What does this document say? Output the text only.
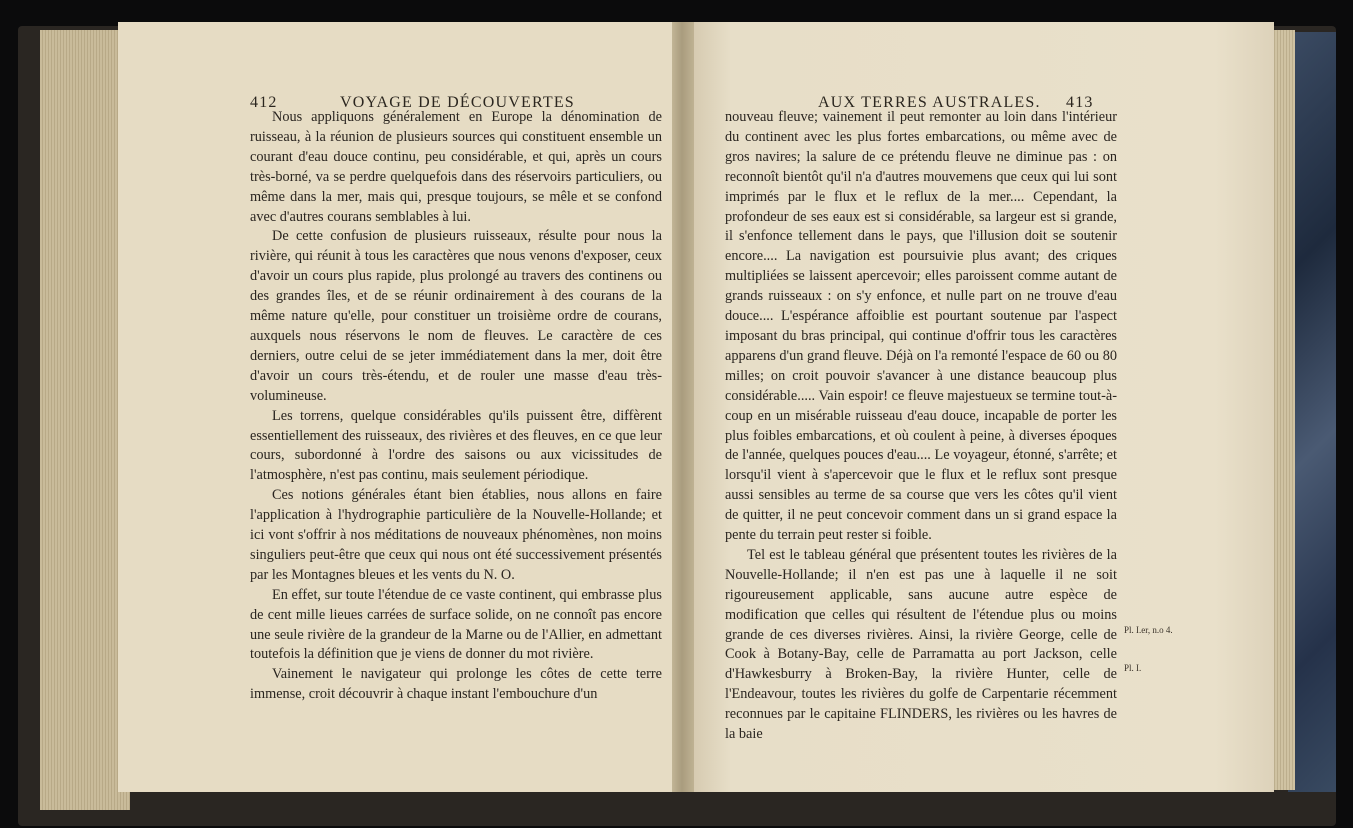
412	VOYAGE DE DÉCOUVERTES

Nous appliquons généralement en Europe la dénomination de ruisseau, à la réunion de plusieurs sources qui constituent ensemble un courant d'eau douce continu, peu considérable, et qui, après un cours très-borné, va se perdre quelquefois dans des réservoirs particuliers, ou même dans la mer, mais qui, presque toujours, se mêle et se confond avec d'autres courans semblables à lui.

De cette confusion de plusieurs ruisseaux, résulte pour nous la rivière, qui réunit à tous les caractères que nous venons d'exposer, ceux d'avoir un cours plus rapide, plus prolongé au travers des continens ou des grandes îles, et de se réunir ordinairement à des courans de la même nature qu'elle, pour constituer un troisième ordre de courans, auxquels nous réservons le nom de fleuves. Le caractère de ces derniers, outre celui de se jeter immédiatement dans la mer, doit être d'avoir un cours très-étendu, et de rouler une masse d'eau très-volumineuse.

Les torrens, quelque considérables qu'ils puissent être, diffèrent essentiellement des ruisseaux, des rivières et des fleuves, en ce que leur cours, subordonné à l'ordre des saisons ou aux vicissitudes de l'atmosphère, n'est pas continu, mais seulement périodique.

Ces notions générales étant bien établies, nous allons en faire l'application à l'hydrographie particulière de la Nouvelle-Hollande; et ici vont s'offrir à nos méditations de nouveaux phénomènes, non moins singuliers peut-être que ceux qui nous ont été successivement présentés par les Montagnes bleues et les vents du N. O.

En effet, sur toute l'étendue de ce vaste continent, qui embrasse plus de cent mille lieues carrées de surface solide, on ne connoît pas encore une seule rivière de la grandeur de la Marne ou de l'Allier, en admettant toutefois la définition que je viens de donner du mot rivière.

Vainement le navigateur qui prolonge les côtes de cette terre immense, croit découvrir à chaque instant l'embouchure d'un

AUX TERRES AUSTRALES. 413

nouveau fleuve; vainement il peut remonter au loin dans l'intérieur du continent avec les plus fortes embarcations, ou même avec de gros navires; la salure de ce prétendu fleuve ne diminue pas : on reconnoît bientôt qu'il n'a d'autres mouvemens que ceux qui lui sont imprimés par le flux et le reflux de la mer.... Cependant, la profondeur de ses eaux est si considérable, sa largeur est si grande, il s'enfonce tellement dans le pays, que l'illusion doit se soutenir encore.... La navigation est poursuivie plus avant; des criques multipliées se laissent apercevoir; elles paroissent comme autant de grands ruisseaux : on s'y enfonce, et nulle part on ne trouve d'eau douce.... L'espérance affoiblie est pourtant soutenue par l'aspect imposant du bras principal, qui continue d'offrir tous les caractères apparens d'un grand fleuve. Déjà on l'a remonté l'espace de 60 ou 80 milles; on croit pouvoir s'avancer à une distance beaucoup plus considérable..... Vain espoir! ce fleuve majestueux se termine tout-à-coup en un misérable ruisseau d'eau douce, incapable de porter les plus foibles embarcations, et où coulent à peine, à diverses époques de l'année, quelques pouces d'eau.... Le voyageur, étonné, s'arrête; et lorsqu'il vient à s'apercevoir que le flux et le reflux sont presque aussi sensibles au terme de sa course que vers les côtes qu'il vient de quitter, il ne peut concevoir comment dans un si grand espace la pente du terrain peut rester si foible.

Tel est le tableau général que présentent toutes les rivières de la Nouvelle-Hollande; il n'en est pas une à laquelle il ne soit rigoureusement applicable, sans aucune autre espèce de modification que celles qui résultent de l'étendue plus ou moins grande de ces diverses rivières. Ainsi, la rivière George, celle de Cook à Botany-Bay, celle de Parramatta au port Jackson, celle d'Hawkesburry à Broken-Bay, la rivière Hunter, celle de l'Endeavour, toutes les rivières du golfe de Carpentarie récemment reconnues par le capitaine FLINDERS, les rivières ou les havres de la baie

Pl. I.er, n.o 4.
Pl. I.
